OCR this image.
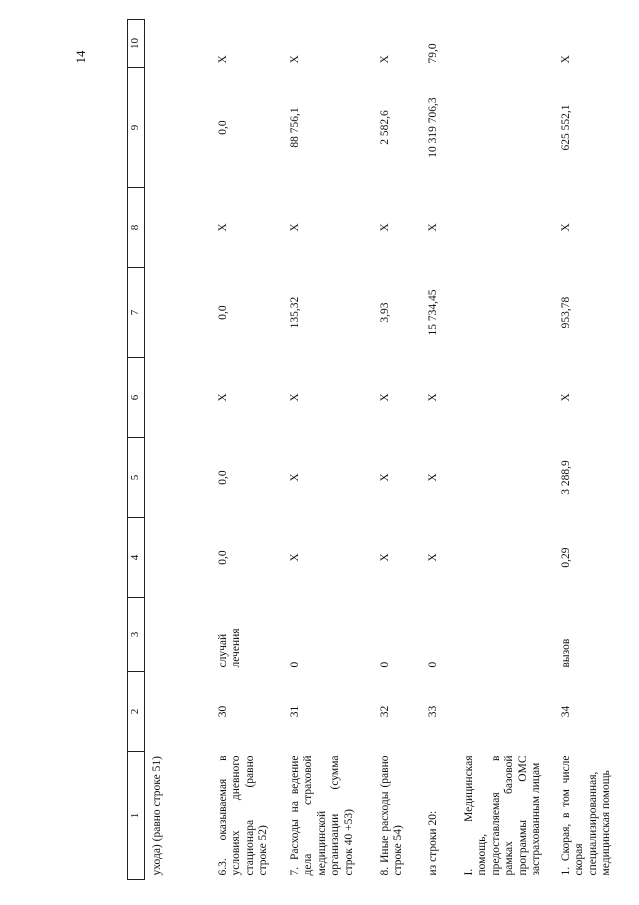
14
1	2	3	4	5	6	7	8	9	10

ухода) (равно строке 51)									

6.3. оказываемая в условиях дневного стационара (равно строке 52)	30	случай лечения	0,0	0,0	X	0,0	X	0,0	X

7. Расходы на ведение дела страховой медицинской организации (сумма строк 40 +53)	31	0	X	X	X	135,32	X	88 756,1	X

8. Иные расходы (равно строке 54)	32	0	X	X	X	3,93	X	2 582,6	X

из строки 20:	33	0	X	X	X	15 734,45	X	10 319 706,3	79,0

I. Медицинская помощь, предоставляемая в рамках базовой программы ОМС застрахованным лицам									

1. Скорая, в том числе скорая специализированная, медицинская помощь	34	вызов	0,29	3 288,9	X	953,78	X	625 552,1	X
